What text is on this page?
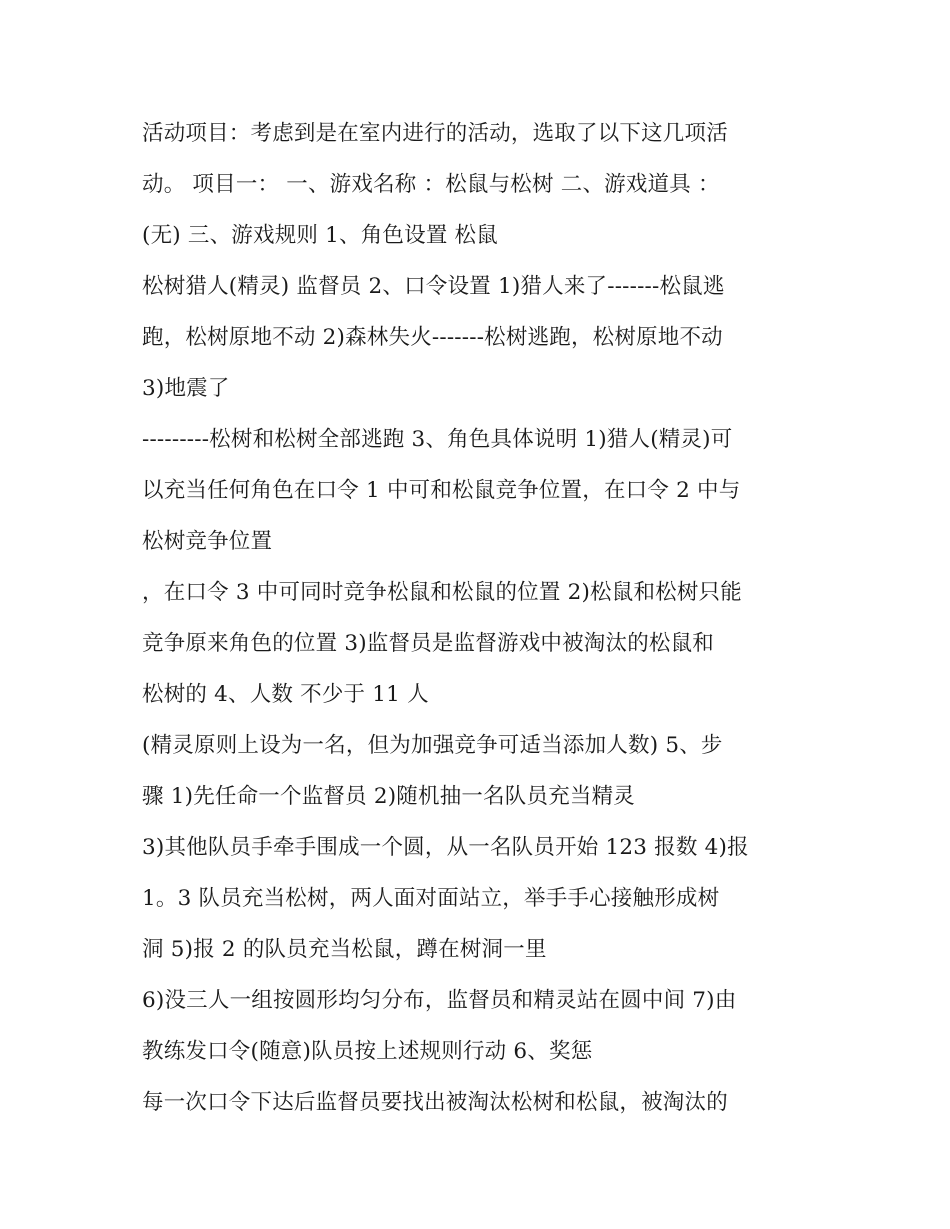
活动项目：考虑到是在室内进行的活动，选取了以下这几项活
动。 项目一： 一、游戏名称 ：松鼠与松树 二、游戏道具 ：
(无) 三、游戏规则 1、角色设置 松鼠
松树猎人(精灵) 监督员 2、口令设置 1)猎人来了-------松鼠逃
跑，松树原地不动 2)森林失火-------松树逃跑，松树原地不动
3)地震了
---------松树和松树全部逃跑 3、角色具体说明 1)猎人(精灵)可
以充当任何角色在口令 1 中可和松鼠竞争位置，在口令 2 中与
松树竞争位置
，在口令 3 中可同时竞争松鼠和松鼠的位置 2)松鼠和松树只能
竞争原来角色的位置 3)监督员是监督游戏中被淘汰的松鼠和
松树的 4、人数 不少于 11 人
(精灵原则上设为一名，但为加强竞争可适当添加人数) 5、步
骤 1)先任命一个监督员 2)随机抽一名队员充当精灵
3)其他队员手牵手围成一个圆，从一名队员开始 123 报数 4)报
1。3 队员充当松树，两人面对面站立，举手手心接触形成树
洞 5)报 2 的队员充当松鼠，蹲在树洞一里
6)没三人一组按圆形均匀分布，监督员和精灵站在圆中间 7)由
教练发口令(随意)队员按上述规则行动 6、奖惩
每一次口令下达后监督员要找出被淘汰松树和松鼠，被淘汰的
